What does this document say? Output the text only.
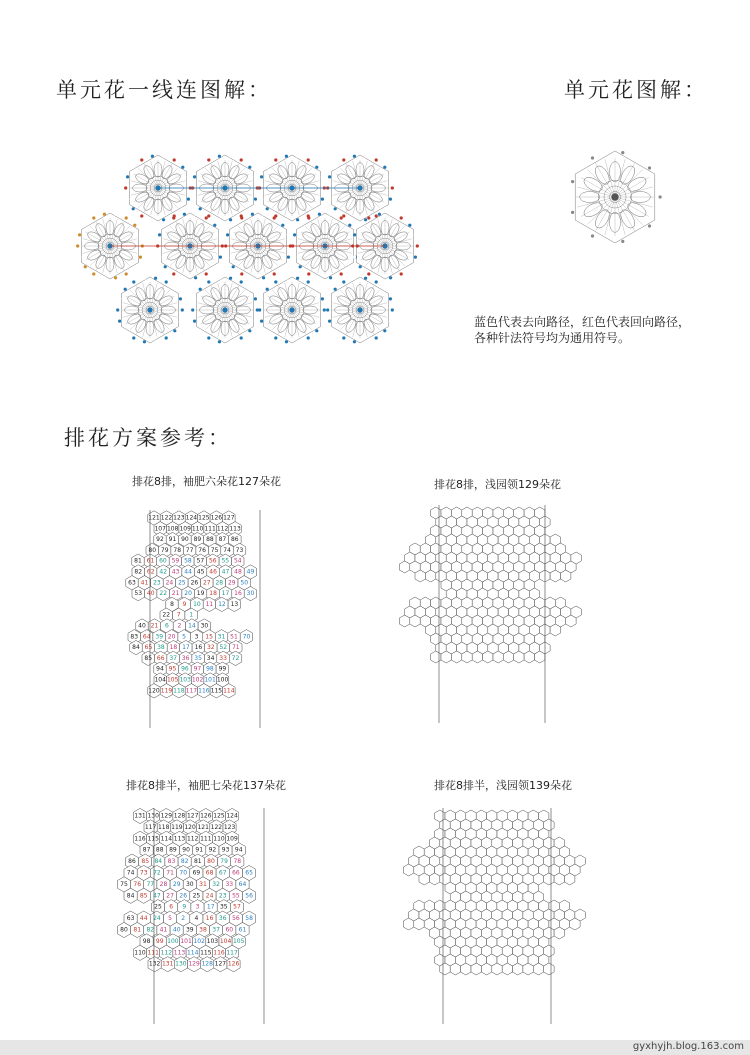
单元花一线连图解：	单元花图解：
排花方案参考：
蓝色代表去向路径，红色代表回向路径，
各种针法符号均为通用符号。
排花8排，袖肥六朵花127朵花	排花8排，浅园领129朵花
排花8排半，袖肥七朵花137朵花	排花8排半，浅园领139朵花
121 122 123 124 125 126 127
107 108 109 110 111 112 113
92 91 90 89 88 87 86
80 79 78 77 76 75 74 73
81 61 60 59 58 57 56 55 54
82 62 42 43 44 45 46 47 48 49
63 41 23 24 25 26 27 28 29 50
53 40 22 21 20 19 18 17 16 30
8 9 10 11 12 13
22 7 1
40 21 6 2 14 30
83 64 39 20 5 3 15 31 51 70
84 65 38 18 17 16 32 52 71
85 66 37 36 35 34 33 72
94 95 96 97 98 99
104 105 103 102 101 100
120 119 118 117 116 115 114
131 130 129 128 127 126 125 124
117 118 119 120 121 122 123
116 115 114 113 112 111 110 109
87 88 89 90 91 92 93 94
86 85 84 83 82 81 80 79 78
74 73 72 71 70 69 68 67 66 65
75 76 77 28 29 30 31 32 33 64
84 85 47 27 26 25 24 23 55 56
25 6 9 3 17 35 57
63 44 24 5 2 4 16 36 56 58
80 81 82 41 40 39 38 37 60 61
98 99 100 101 102 103 104 105
110 111 112 113 114 115 116 117
132 131 130 129 128 127 126
gyxhyjh.blog.163.com
